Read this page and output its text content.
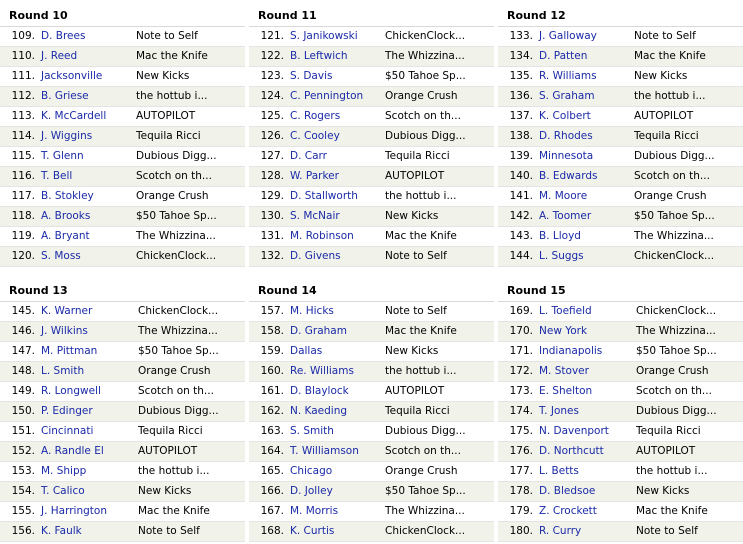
Round 10
109. D. Brees	Note to Self
110. J. Reed	Mac the Knife
111. Jacksonville	New Kicks
112. B. Griese	the hottub i...
113. K. McCardell	AUTOPILOT
114. J. Wiggins	Tequila Ricci
115. T. Glenn	Dubious Digg...
116. T. Bell	Scotch on th...
117. B. Stokley	Orange Crush
118. A. Brooks	$50 Tahoe Sp...
119. A. Bryant	The Whizzina...
120. S. Moss	ChickenClock...
Round 11
121. S. Janikowski	ChickenClock...
122. B. Leftwich	The Whizzina...
123. S. Davis	$50 Tahoe Sp...
124. C. Pennington	Orange Crush
125. C. Rogers	Scotch on th...
126. C. Cooley	Dubious Digg...
127. D. Carr	Tequila Ricci
128. W. Parker	AUTOPILOT
129. D. Stallworth	the hottub i...
130. S. McNair	New Kicks
131. M. Robinson	Mac the Knife
132. D. Givens	Note to Self
Round 12
133. J. Galloway	Note to Self
134. D. Patten	Mac the Knife
135. R. Williams	New Kicks
136. S. Graham	the hottub i...
137. K. Colbert	AUTOPILOT
138. D. Rhodes	Tequila Ricci
139. Minnesota	Dubious Digg...
140. B. Edwards	Scotch on th...
141. M. Moore	Orange Crush
142. A. Toomer	$50 Tahoe Sp...
143. B. Lloyd	The Whizzina...
144. L. Suggs	ChickenClock...
Round 13
145. K. Warner	ChickenClock...
146. J. Wilkins	The Whizzina...
147. M. Pittman	$50 Tahoe Sp...
148. L. Smith	Orange Crush
149. R. Longwell	Scotch on th...
150. P. Edinger	Dubious Digg...
151. Cincinnati	Tequila Ricci
152. A. Randle El	AUTOPILOT
153. M. Shipp	the hottub i...
154. T. Calico	New Kicks
155. J. Harrington	Mac the Knife
156. K. Faulk	Note to Self
Round 14
157. M. Hicks	Note to Self
158. D. Graham	Mac the Knife
159. Dallas	New Kicks
160. Re. Williams	the hottub i...
161. D. Blaylock	AUTOPILOT
162. N. Kaeding	Tequila Ricci
163. S. Smith	Dubious Digg...
164. T. Williamson	Scotch on th...
165. Chicago	Orange Crush
166. D. Jolley	$50 Tahoe Sp...
167. M. Morris	The Whizzina...
168. K. Curtis	ChickenClock...
Round 15
169. L. Toefield	ChickenClock...
170. New York	The Whizzina...
171. Indianapolis	$50 Tahoe Sp...
172. M. Stover	Orange Crush
173. E. Shelton	Scotch on th...
174. T. Jones	Dubious Digg...
175. N. Davenport	Tequila Ricci
176. D. Northcutt	AUTOPILOT
177. L. Betts	the hottub i...
178. D. Bledsoe	New Kicks
179. Z. Crockett	Mac the Knife
180. R. Curry	Note to Self
